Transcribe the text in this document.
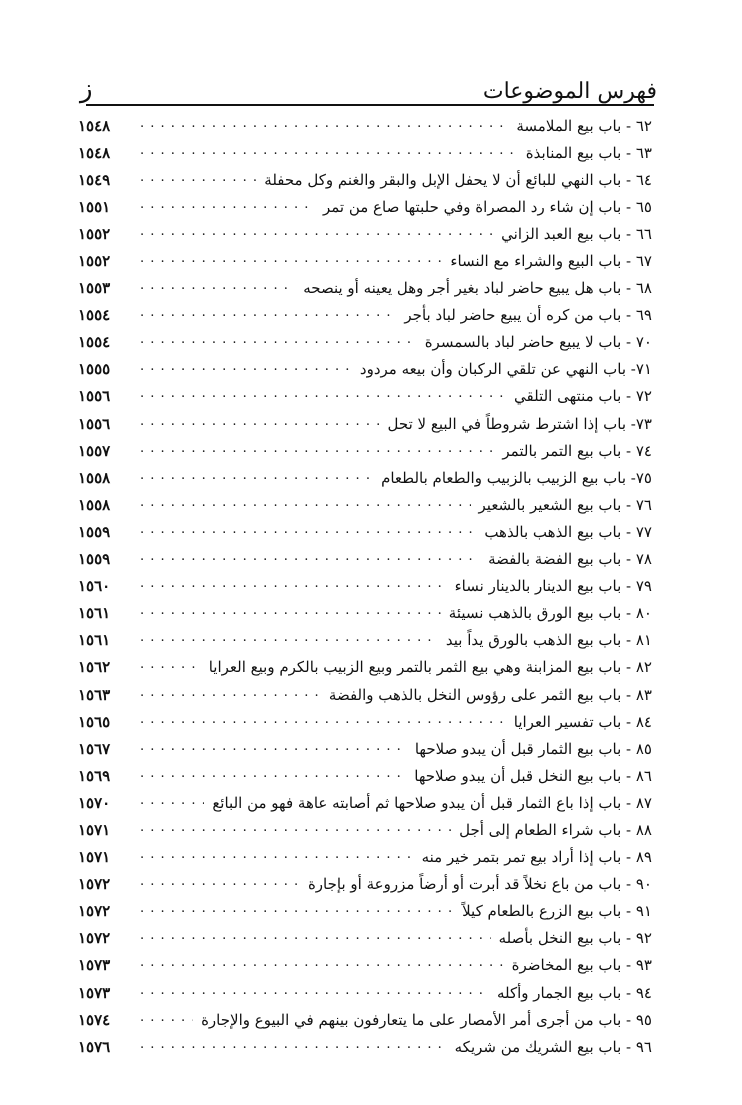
فهرس الموضوعات
ز
٦٢ - باب بيع الملامسة
. . .
١٥٤٨
٦٣ - باب بيع المنابذة
. . .
١٥٤٨
٦٤ - باب النهي للبائع أن لا يحفل الإبل والبقر والغنم وكل محفلة
. . .
١٥٤٩
٦٥ - باب إن شاء رد المصراة وفي حلبتها صاع من تمر
. . .
١٥٥١
٦٦ - باب بيع العبد الزاني
. . .
١٥٥٢
٦٧ - باب البيع والشراء مع النساء
. . .
١٥٥٢
٦٨ - باب هل يبيع حاضر لباد بغير أجر وهل يعينه أو ينصحه
. . .
١٥٥٣
٦٩ - باب من كره أن يبيع حاضر لباد بأجر
. . .
١٥٥٤
٧٠ - باب لا يبيع حاضر لباد بالسمسرة
. . .
١٥٥٤
٧١- باب النهي عن تلقي الركبان وأن بيعه مردود
. . .
١٥٥٥
٧٢ - باب منتهى التلقي
. . .
١٥٥٦
٧٣- باب إذا اشترط شروطاً في البيع لا تحل
. . .
١٥٥٦
٧٤ - باب بيع التمر بالتمر
. . .
١٥٥٧
٧٥- باب بيع الزبيب بالزبيب والطعام بالطعام
. . .
١٥٥٨
٧٦ - باب بيع الشعير بالشعير
. . .
١٥٥٨
٧٧ - باب بيع الذهب بالذهب
. . .
١٥٥٩
٧٨ - باب بيع الفضة بالفضة
. . .
١٥٥٩
٧٩ - باب بيع الدينار بالدينار نساء
. . .
١٥٦٠
٨٠ - باب بيع الورق بالذهب نسيئة
. . .
١٥٦١
٨١ - باب بيع الذهب بالورق يداً بيد
. . .
١٥٦١
٨٢ - باب بيع المزابنة وهي بيع الثمر بالتمر وبيع الزبيب بالكرم وبيع العرايا
. . .
١٥٦٢
٨٣ - باب بيع الثمر على رؤوس النخل بالذهب والفضة
. . .
١٥٦٣
٨٤ - باب تفسير العرايا
. . .
١٥٦٥
٨٥ - باب بيع الثمار قبل أن يبدو صلاحها
. . .
١٥٦٧
٨٦ - باب بيع النخل قبل أن يبدو صلاحها
. . .
١٥٦٩
٨٧ - باب إذا باع الثمار قبل أن يبدو صلاحها ثم أصابته عاهة فهو من البائع
. . .
١٥٧٠
٨٨ - باب شراء الطعام إلى أجل
. . .
١٥٧١
٨٩ - باب إذا أراد بيع تمر بتمر خير منه
. . .
١٥٧١
٩٠ - باب من باع نخلاً قد أبرت أو أرضاً مزروعة أو بإجارة
. . .
١٥٧٢
٩١ - باب بيع الزرع بالطعام كيلاً
. . .
١٥٧٢
٩٢ - باب بيع النخل بأصله
. . .
١٥٧٢
٩٣ - باب بيع المخاضرة
. . .
١٥٧٣
٩٤ - باب بيع الجمار وأكله
. . .
١٥٧٣
٩٥ - باب من أجرى أمر الأمصار على ما يتعارفون بينهم في البيوع والإجارة
. . .
١٥٧٤
٩٦ - باب بيع الشريك من شريكه
. . .
١٥٧٦
